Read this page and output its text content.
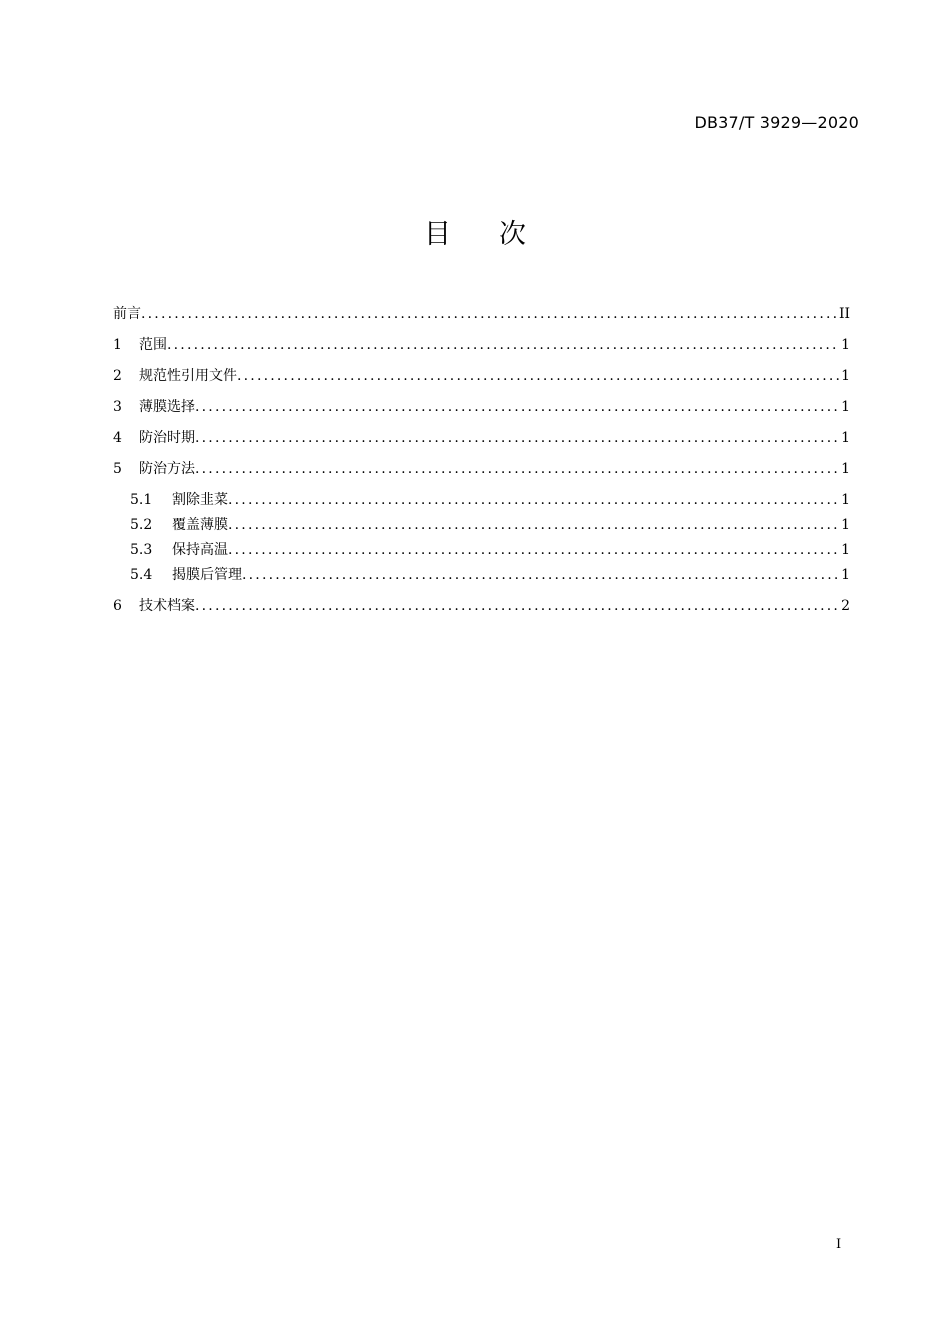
DB37/T 3929—2020
目 次
前言 .....	II
1	范围 .....	1
2	规范性引用文件 .....	1
3	薄膜选择 .....	1
4	防治时期 .....	1
5	防治方法 .....	1
5.1	割除韭菜 .....	1
5.2	覆盖薄膜 .....	1
5.3	保持高温 .....	1
5.4	揭膜后管理 .....	1
6	技术档案 .....	2
I
